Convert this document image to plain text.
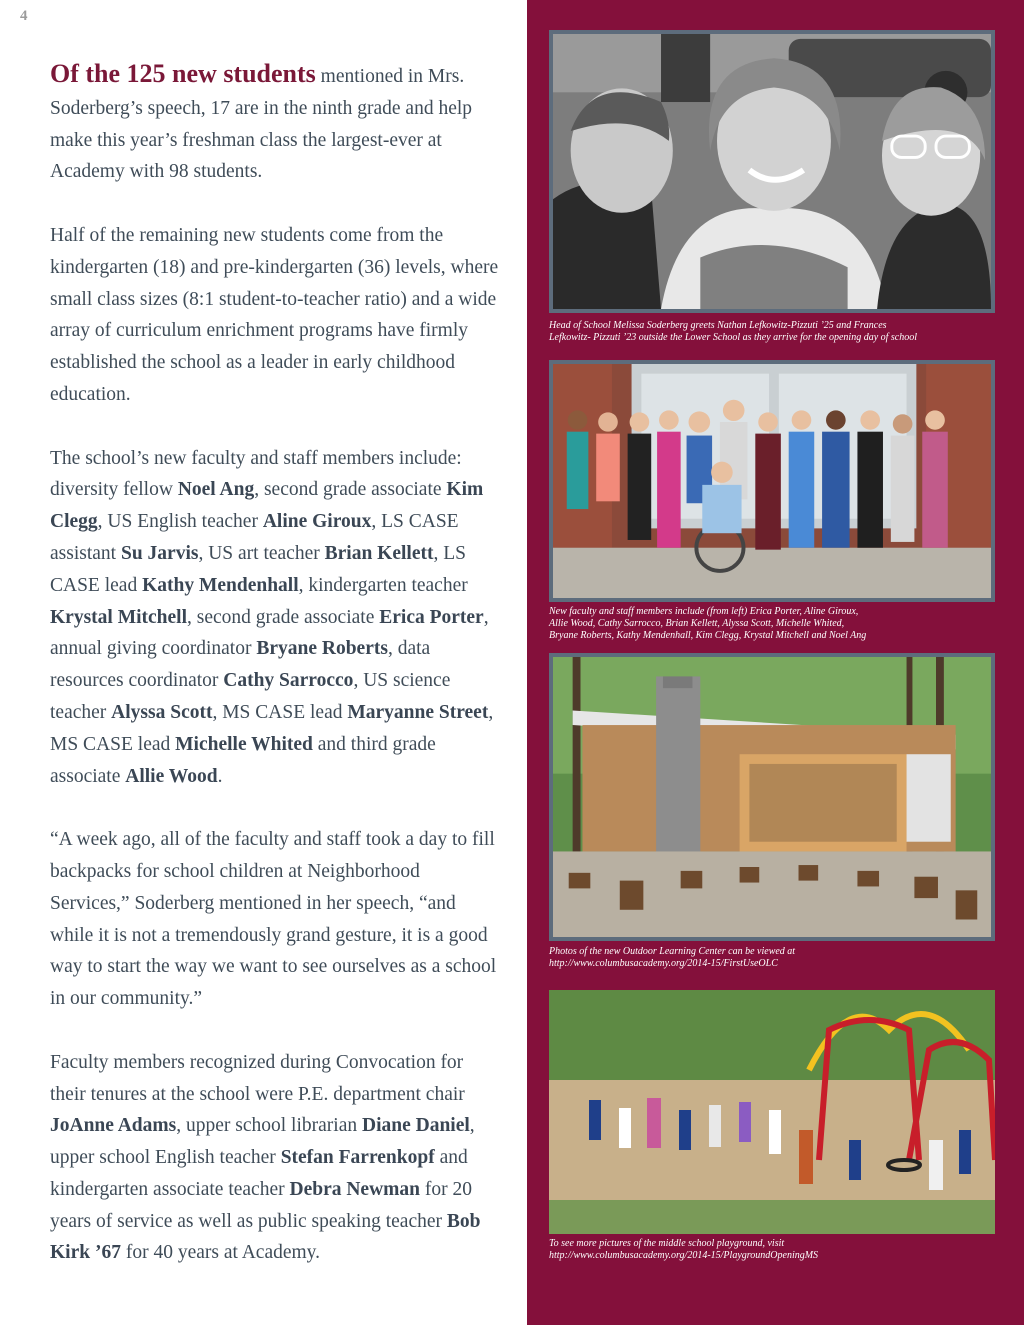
4

Of the 125 new students mentioned in Mrs. Soderberg’s speech, 17 are in the ninth grade and help make this year’s freshman class the largest-ever at Academy with 98 students.

Half of the remaining new students come from the kindergarten (18) and pre-kindergarten (36) levels, where small class sizes (8:1 student-to-teacher ratio) and a wide array of curriculum enrichment programs have firmly established the school as a leader in early childhood education.

The school’s new faculty and staff members include: diversity fellow Noel Ang, second grade associate Kim Clegg, US English teacher Aline Giroux, LS CASE assistant Su Jarvis, US art teacher Brian Kellett, LS CASE lead Kathy Mendenhall, kindergarten teacher Krystal Mitchell, second grade associate Erica Porter, annual giving coordinator Bryane Roberts, data resources coordinator Cathy Sarrocco, US science teacher Alyssa Scott, MS CASE lead Maryanne Street, MS CASE lead Michelle Whited and third grade associate Allie Wood.

“A week ago, all of the faculty and staff took a day to fill backpacks for school children at Neighborhood Services,” Soderberg mentioned in her speech, “and while it is not a tremendously grand gesture, it is a good way to start the way we want to see ourselves as a school in our community.”

Faculty members recognized during Convocation for their tenures at the school were P.E. department chair JoAnne Adams, upper school librarian Diane Daniel, upper school English teacher Stefan Farrenkopf and kindergarten associate teacher Debra Newman for 20 years of service as well as public speaking teacher Bob Kirk ’67 for 40 years at Academy.

Head of School Melissa Soderberg greets Nathan Lefkowitz-Pizzuti ’25 and Frances
Lefkowitz- Pizzuti ’23 outside the Lower School as they arrive for the opening day of school
New faculty and staff members include (from left) Erica Porter, Aline Giroux,
Allie Wood, Cathy Sarrocco, Brian Kellett, Alyssa Scott, Michelle Whited,
Bryane Roberts, Kathy Mendenhall, Kim Clegg, Krystal Mitchell and Noel Ang
Photos of the new Outdoor Learning Center can be viewed at
http://www.columbusacademy.org/2014-15/FirstUseOLC
To see more pictures of the middle school playground, visit
http://www.columbusacademy.org/2014-15/PlaygroundOpeningMS
